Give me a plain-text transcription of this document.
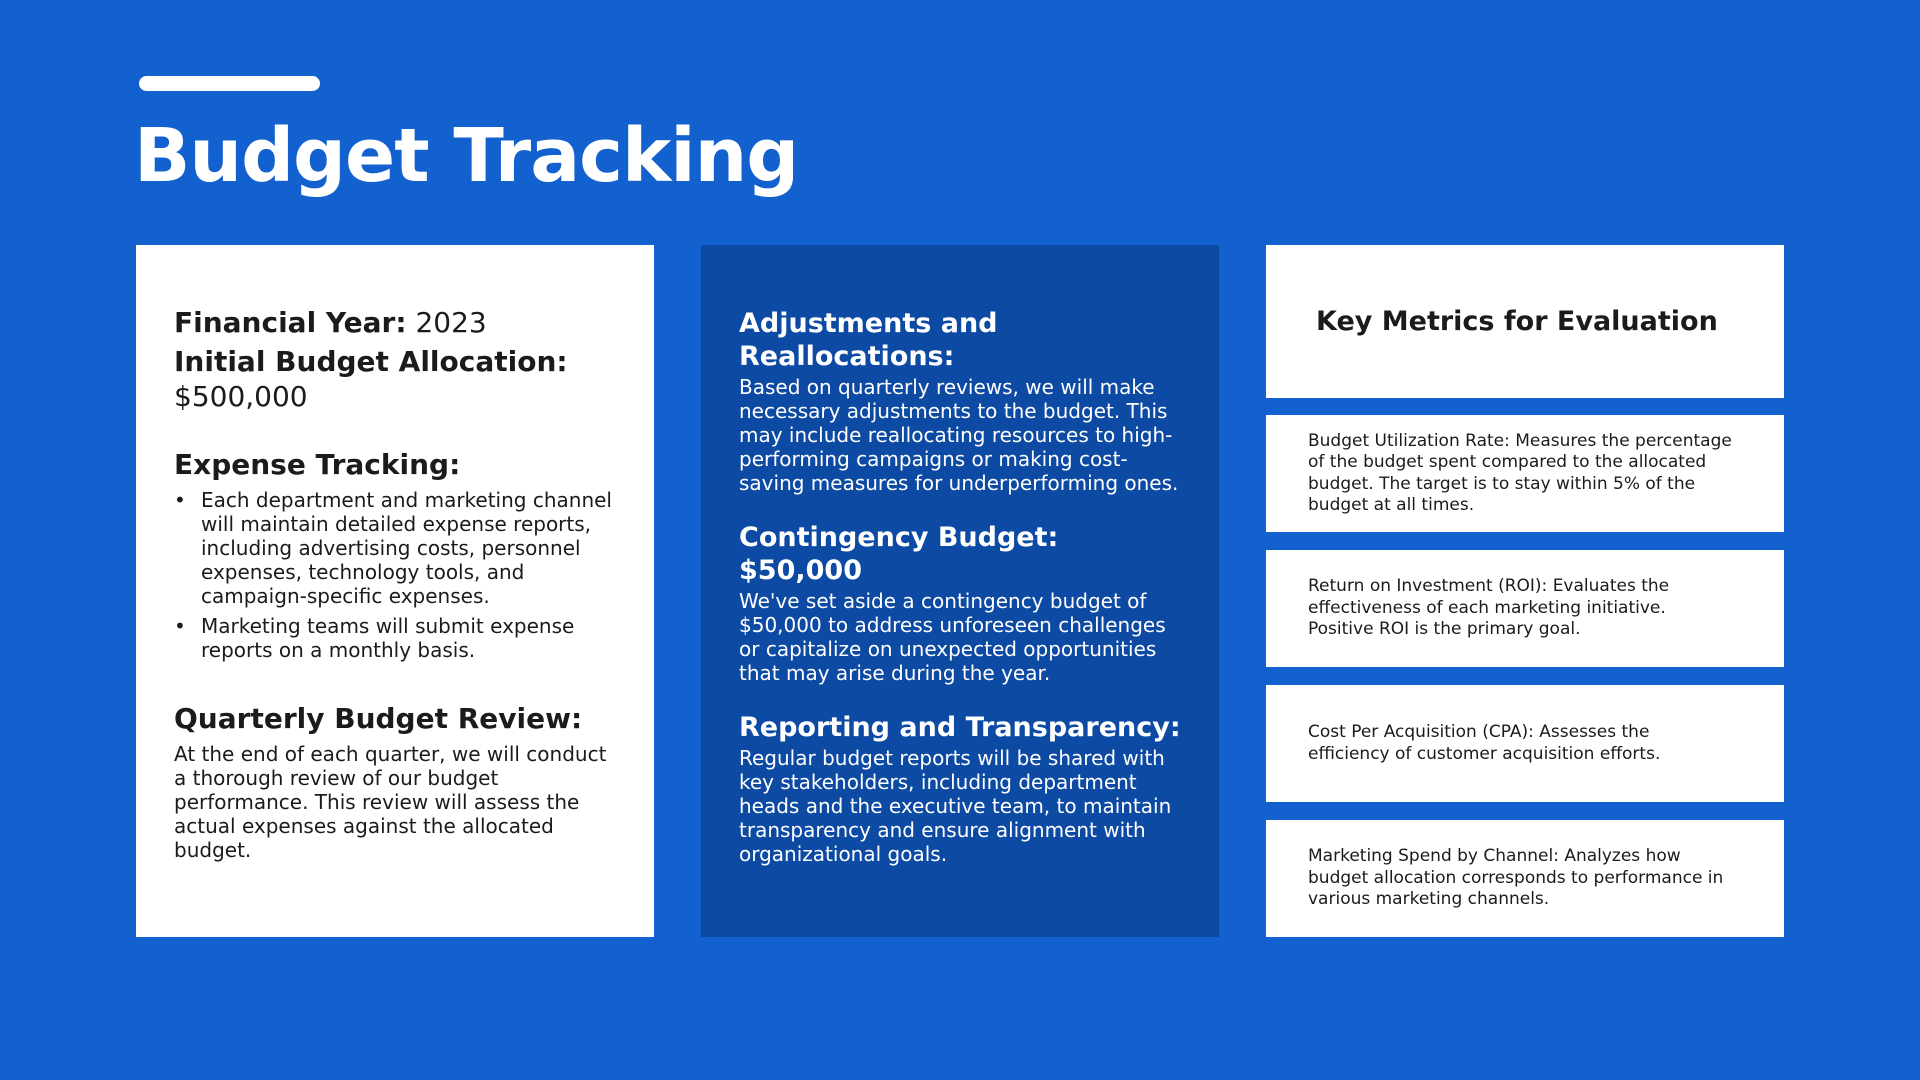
Budget Tracking

Financial Year: 2023

Initial Budget Allocation:
$500,000
Expense Tracking:
• Each department and marketing channel will maintain detailed expense reports, including advertising costs, personnel expenses, technology tools, and campaign-specific expenses.
• Marketing teams will submit expense reports on a monthly basis.
Quarterly Budget Review:

At the end of each quarter, we will conduct a thorough review of our budget performance. This review will assess the actual expenses against the allocated budget.

Adjustments and Reallocations:

Based on quarterly reviews, we will make necessary adjustments to the budget. This may include reallocating resources to high-performing campaigns or making cost-saving measures for underperforming ones.

Contingency Budget: $50,000

We've set aside a contingency budget of $50,000 to address unforeseen challenges or capitalize on unexpected opportunities that may arise during the year.

Reporting and Transparency:

Regular budget reports will be shared with key stakeholders, including department heads and the executive team, to maintain transparency and ensure alignment with organizational goals.

Key Metrics for Evaluation

Budget Utilization Rate: Measures the percentage of the budget spent compared to the allocated budget. The target is to stay within 5% of the budget at all times.

Return on Investment (ROI): Evaluates the effectiveness of each marketing initiative. Positive ROI is the primary goal.

Cost Per Acquisition (CPA): Assesses the efficiency of customer acquisition efforts.

Marketing Spend by Channel: Analyzes how budget allocation corresponds to performance in various marketing channels.
